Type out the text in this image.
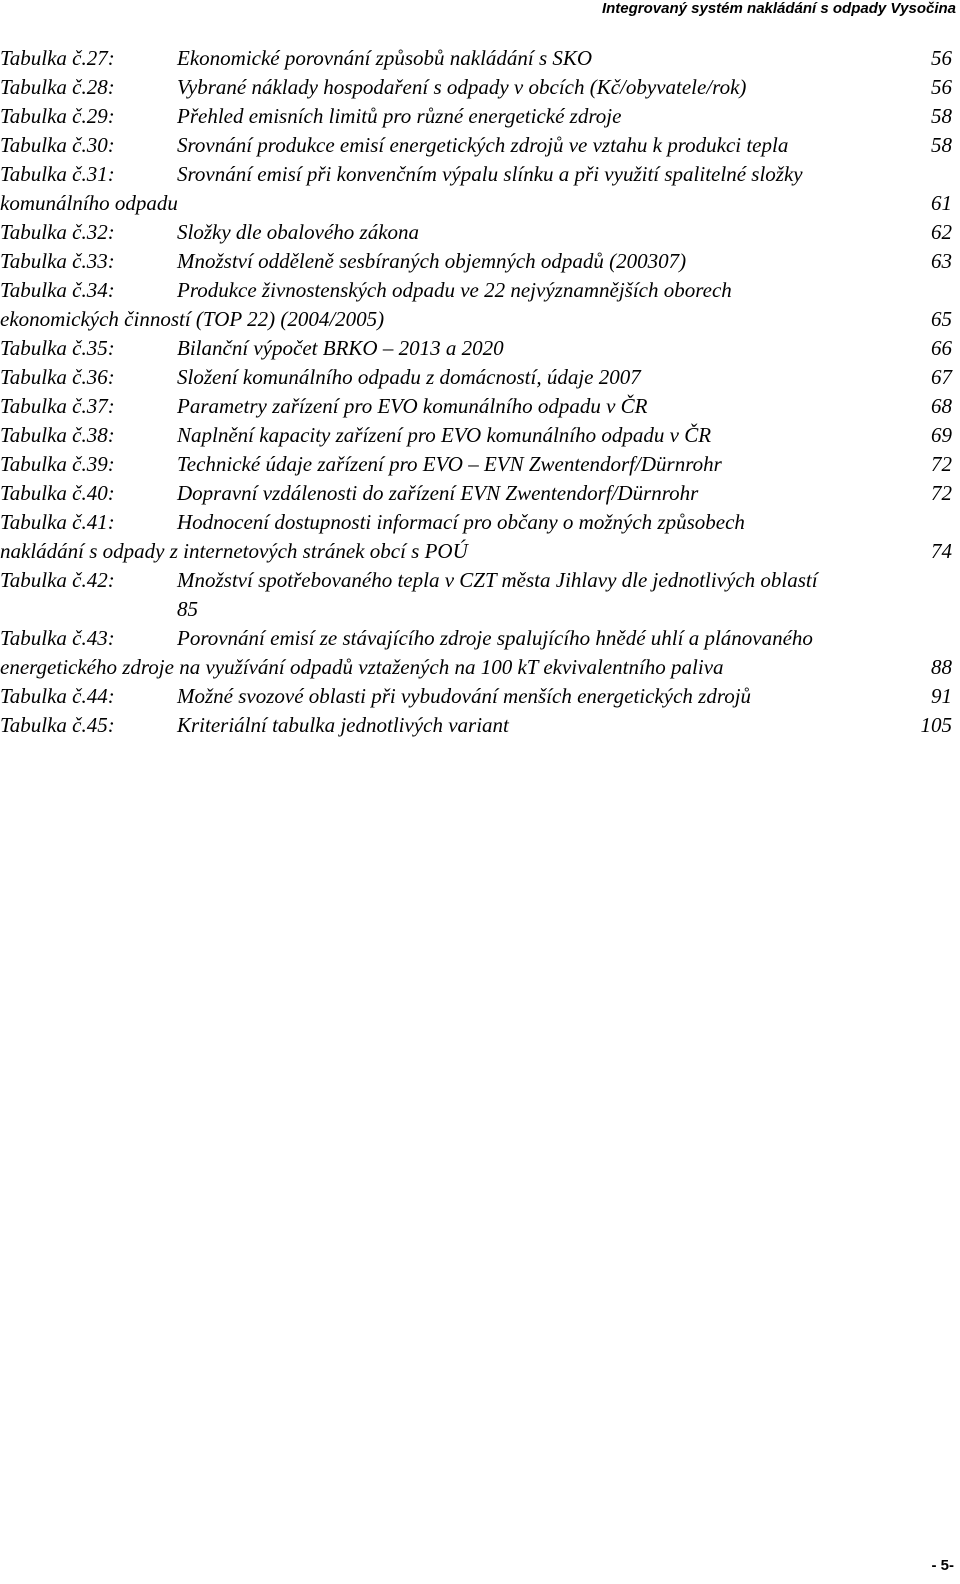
Integrovaný systém nakládání s odpady Vysočina
Tabulka č.27:	Ekonomické porovnání způsobů nakládání s SKO	56
Tabulka č.28:	Vybrané náklady hospodaření s odpady v obcích (Kč/obyvatele/rok)	56
Tabulka č.29:	Přehled emisních limitů pro různé energetické zdroje	58
Tabulka č.30:	Srovnání produkce emisí energetických zdrojů ve vztahu k produkci tepla	58
Tabulka č.31:	Srovnání emisí při konvenčním výpalu slínku a při využití spalitelné složky
komunálního odpadu	61
Tabulka č.32:	Složky dle obalového zákona	62
Tabulka č.33:	Množství odděleně sesbíraných objemných odpadů (200307)	63
Tabulka č.34:	Produkce živnostenských odpadu ve 22 nejvýznamnějších oborech
ekonomických činností (TOP 22) (2004/2005)	65
Tabulka č.35:	Bilanční výpočet BRKO – 2013 a 2020	66
Tabulka č.36:	Složení komunálního odpadu z domácností, údaje 2007	67
Tabulka č.37:	Parametry zařízení pro EVO komunálního odpadu v ČR	68
Tabulka č.38:	Naplnění kapacity zařízení pro EVO komunálního odpadu v ČR	69
Tabulka č.39:	Technické údaje zařízení pro EVO – EVN Zwentendorf/Dürnrohr	72
Tabulka č.40:	Dopravní vzdálenosti do zařízení EVN Zwentendorf/Dürnrohr	72
Tabulka č.41:	Hodnocení dostupnosti informací pro občany o možných způsobech
nakládání s odpady z internetových stránek obcí s POÚ	74
Tabulka č.42:	Množství spotřebovaného tepla v CZT města Jihlavy dle jednotlivých oblastí
85
Tabulka č.43:	Porovnání emisí ze stávajícího zdroje spalujícího hnědé uhlí a plánovaného
energetického zdroje na využívání odpadů vztažených na 100 kT ekvivalentního paliva	88
Tabulka č.44:	Možné svozové oblasti při vybudování menších energetických zdrojů	91
Tabulka č.45:	Kriteriální tabulka jednotlivých variant	105
- 5-
